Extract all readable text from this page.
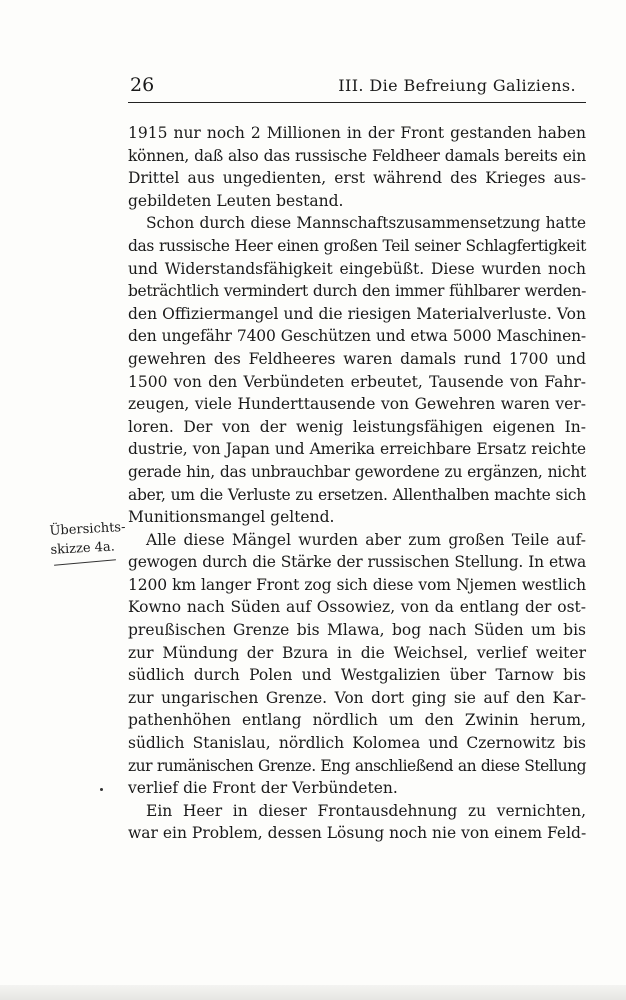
26	III. Die Befreiung Galiziens.
Übersichts-
skizze 4a.
1915 nur noch 2 Millionen in der Front gestanden haben
können, daß also das russische Feldheer damals bereits ein
Drittel aus ungedienten, erst während des Krieges aus-
gebildeten Leuten bestand.
Schon durch diese Mannschaftszusammensetzung hatte
das russische Heer einen großen Teil seiner Schlagfertigkeit
und Widerstandsfähigkeit eingebüßt. Diese wurden noch
beträchtlich vermindert durch den immer fühlbarer werden-
den Offiziermangel und die riesigen Materialverluste. Von
den ungefähr 7400 Geschützen und etwa 5000 Maschinen-
gewehren des Feldheeres waren damals rund 1700 und
1500 von den Verbündeten erbeutet, Tausende von Fahr-
zeugen, viele Hunderttausende von Gewehren waren ver-
loren. Der von der wenig leistungsfähigen eigenen In-
dustrie, von Japan und Amerika erreichbare Ersatz reichte
gerade hin, das unbrauchbar gewordene zu ergänzen, nicht
aber, um die Verluste zu ersetzen. Allenthalben machte sich
Munitionsmangel geltend.
Alle diese Mängel wurden aber zum großen Teile auf-
gewogen durch die Stärke der russischen Stellung. In etwa
1200 km langer Front zog sich diese vom Njemen westlich
Kowno nach Süden auf Ossowiez, von da entlang der ost-
preußischen Grenze bis Mlawa, bog nach Süden um bis
zur Mündung der Bzura in die Weichsel, verlief weiter
südlich durch Polen und Westgalizien über Tarnow bis
zur ungarischen Grenze. Von dort ging sie auf den Kar-
pathenhöhen entlang nördlich um den Zwinin herum,
südlich Stanislau, nördlich Kolomea und Czernowitz bis
zur rumänischen Grenze. Eng anschließend an diese Stellung
verlief die Front der Verbündeten.
Ein Heer in dieser Frontausdehnung zu vernichten,
war ein Problem, dessen Lösung noch nie von einem Feld-
